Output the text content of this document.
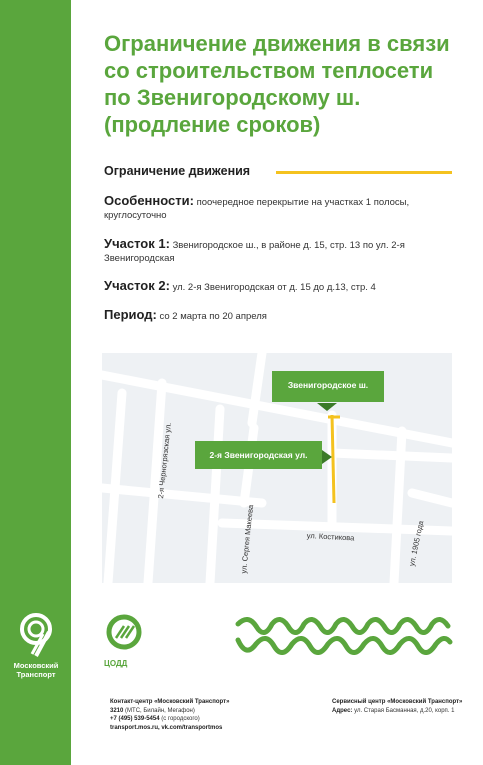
Московский
Транспорт
Ограничение движения в связи со строительством теплосети по Звенигородскому ш. (продление сроков)
Ограничение движения
Особенности: поочередное перекрытие на участках 1 полосы, круглосуточно
Участок 1: Звенигородское ш., в районе д. 15, стр. 13 по ул. 2-я Звенигородская
Участок 2: ул. 2-я Звенигородская от д. 15 до д.13, стр. 4
Период: со 2 марта по 20 апреля
Звенигородское ш.
2-я Звенигородская ул.
2-я Черногрязская ул.
ул. Сергея Макеева	ул. Костикова	ул. 1905 года
ЦОДД
Контакт-центр «Московский Транспорт»
3210 (МТС, Билайн, Мегафон)
+7 (495) 539-5454 (с городского)
transport.mos.ru, vk.com/transportmos
Сервисный центр «Московский Транспорт»
Адрес: ул. Старая Басманная, д.20, корп. 1
